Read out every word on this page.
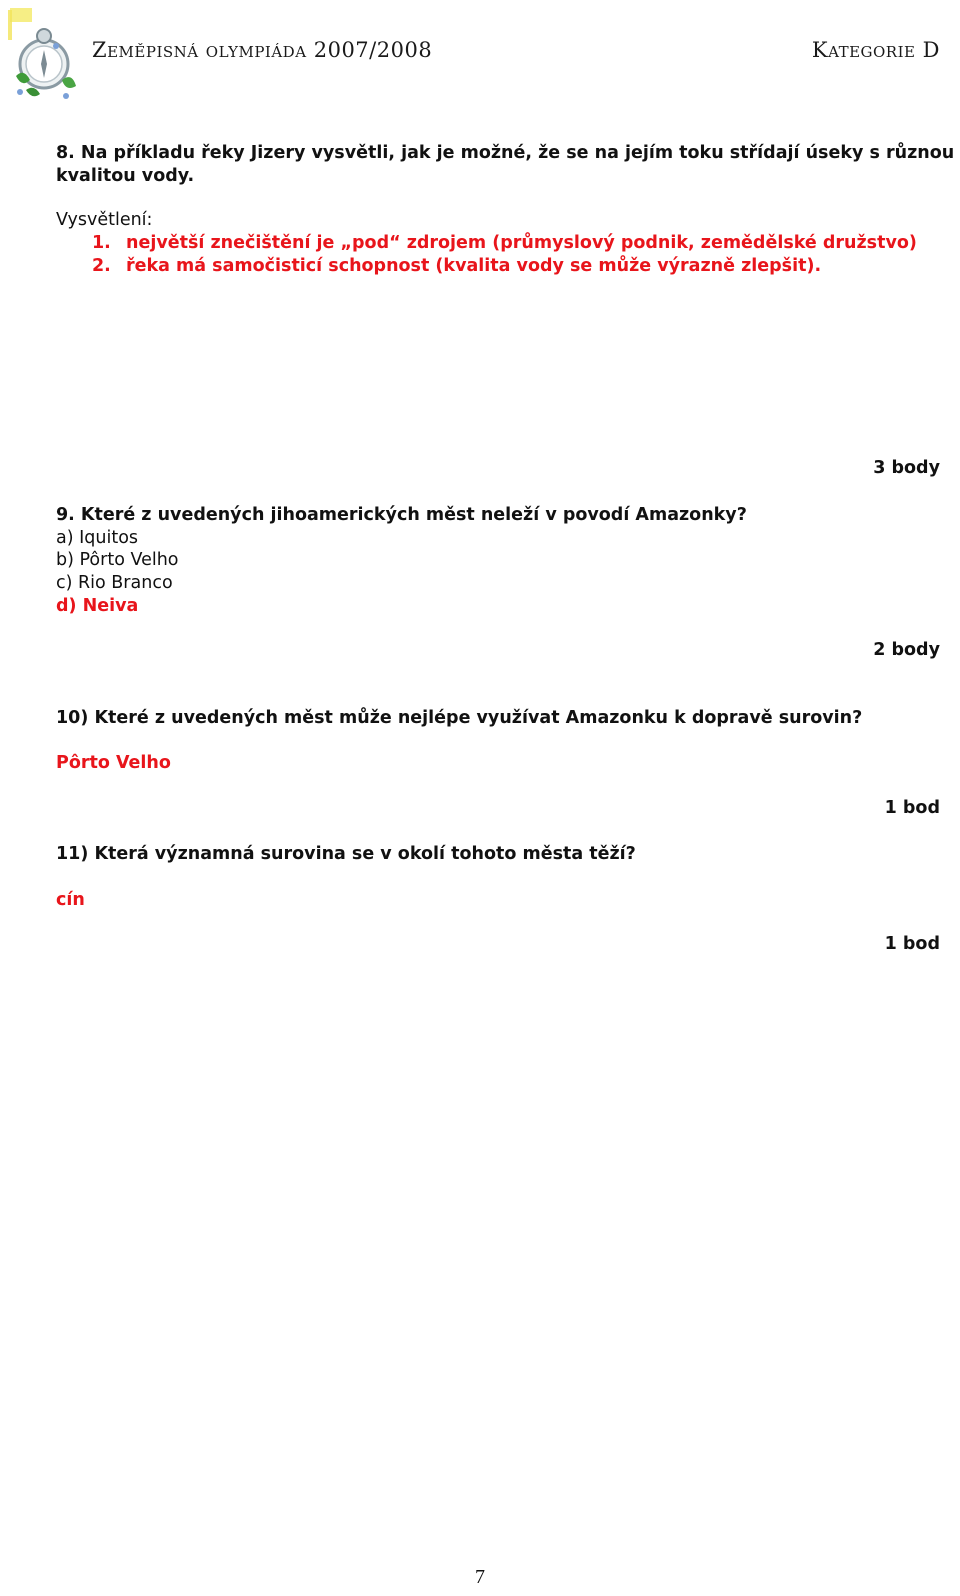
Zeměpisná olympiáda 2007/2008	Kategorie D
8. Na příkladu řeky Jizery vysvětli, jak je možné, že se na jejím toku střídají úseky s různou
kvalitou vody.
Vysvětlení:
1. největší znečištění je „pod“ zdrojem (průmyslový podnik, zemědělské družstvo)
2. řeka má samočisticí schopnost (kvalita vody se může výrazně zlepšit).
3 body
9. Které z uvedených jihoamerických měst neleží v povodí Amazonky?
a) Iquitos
b) Pôrto Velho
c) Rio Branco
d) Neiva
2 body
10) Které z uvedených měst může nejlépe využívat Amazonku k dopravě surovin?
Pôrto Velho
1 bod
11) Která významná surovina se v okolí tohoto města těží?
cín
1 bod
7
